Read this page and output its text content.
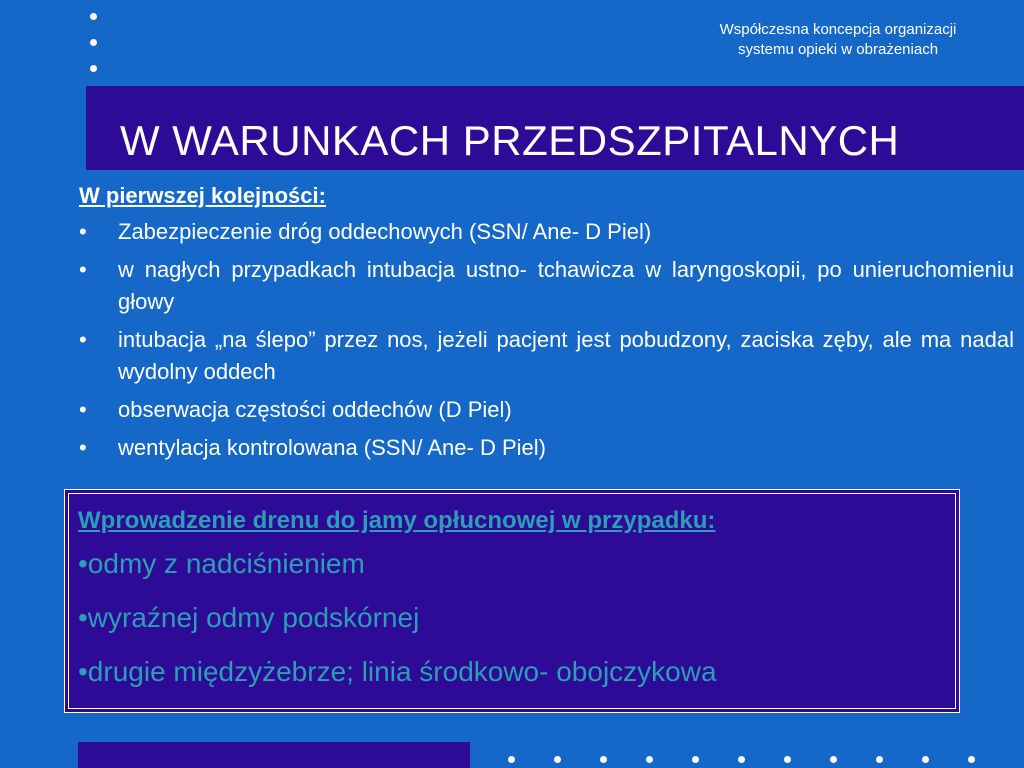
Współczesna koncepcja organizacji
systemu opieki w obrażeniach
W WARUNKACH PRZEDSZPITALNYCH
W pierwszej kolejności:
• Zabezpieczenie dróg oddechowych (SSN/ Ane- D Piel)
• w nagłych przypadkach intubacja ustno- tchawicza w laryngoskopii, po unieruchomieniu głowy
• intubacja „na ślepo” przez nos, jeżeli pacjent jest pobudzony, zaciska zęby, ale ma nadal wydolny oddech
• obserwacja częstości oddechów (D Piel)
• wentylacja kontrolowana (SSN/ Ane- D Piel)
Wprowadzenie drenu do jamy opłucnowej w przypadku:
•odmy z nadciśnieniem
•wyraźnej odmy podskórnej
•drugie międzyżebrze; linia środkowo- obojczykowa
